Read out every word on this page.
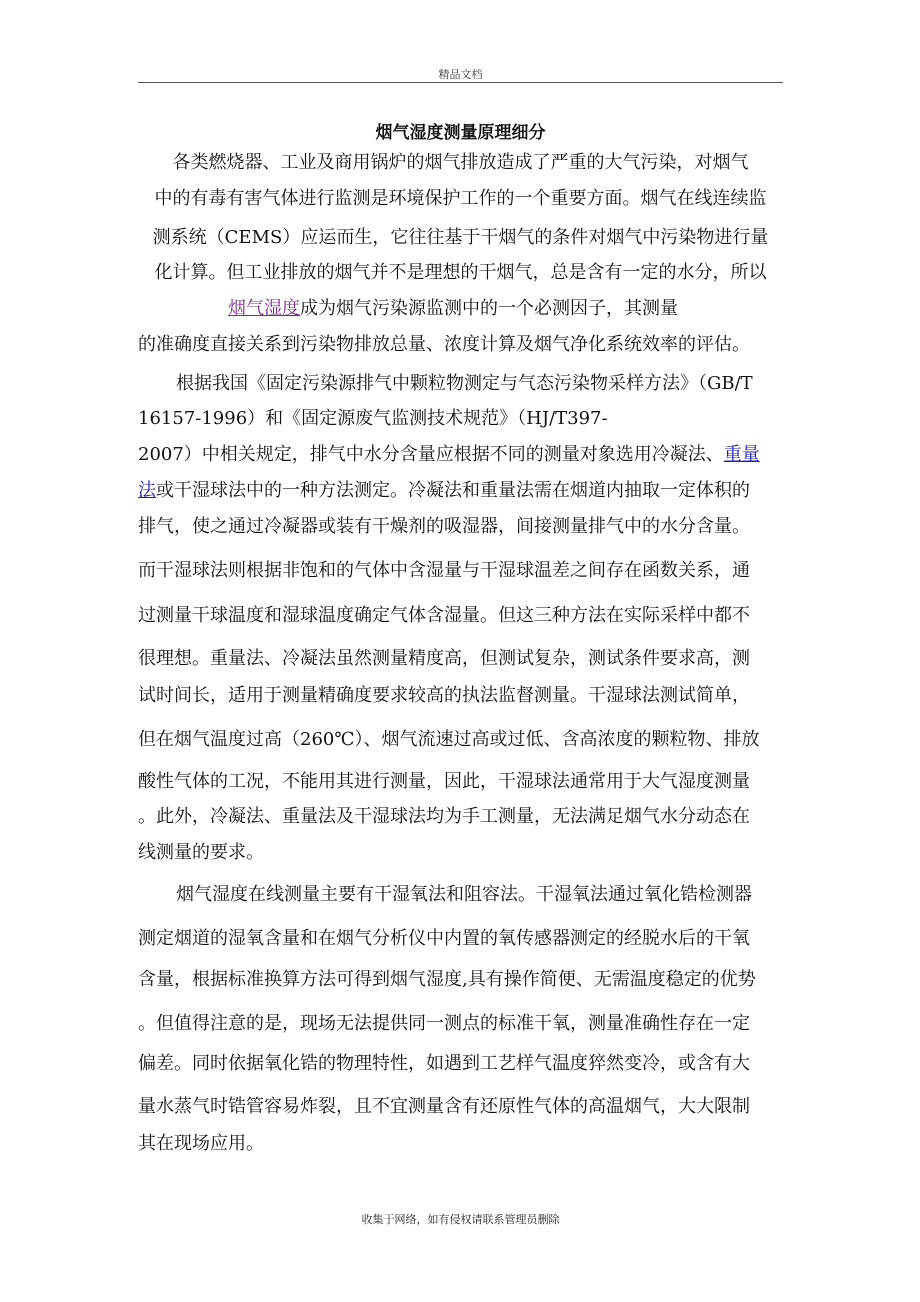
精品文档
烟气湿度测量原理细分
各类燃烧器、工业及商用锅炉的烟气排放造成了严重的大气污染，对烟气
中的有毒有害气体进行监测是环境保护工作的一个重要方面。烟气在线连续监
测系统（CEMS）应运而生，它往往基于干烟气的条件对烟气中污染物进行量
化计算。但工业排放的烟气并不是理想的干烟气，总是含有一定的水分，所以
烟气湿度成为烟气污染源监测中的一个必测因子，其测量
的准确度直接关系到污染物排放总量、浓度计算及烟气净化系统效率的评估。
根据我国《固定污染源排气中颗粒物测定与气态污染物采样方法》（GB/T
16157-1996）和《固定源废气监测技术规范》（HJ/T397-
2007）中相关规定，排气中水分含量应根据不同的测量对象选用冷凝法、重量
法或干湿球法中的一种方法测定。冷凝法和重量法需在烟道内抽取一定体积的
排气，使之通过冷凝器或装有干燥剂的吸湿器，间接测量排气中的水分含量。
而干湿球法则根据非饱和的气体中含湿量与干湿球温差之间存在函数关系，通
过测量干球温度和湿球温度确定气体含湿量。但这三种方法在实际采样中都不
很理想。重量法、冷凝法虽然测量精度高，但测试复杂，测试条件要求高，测
试时间长，适用于测量精确度要求较高的执法监督测量。干湿球法测试简单，
但在烟气温度过高（260℃）、烟气流速过高或过低、含高浓度的颗粒物、排放
酸性气体的工况，不能用其进行测量，因此，干湿球法通常用于大气湿度测量
。此外，冷凝法、重量法及干湿球法均为手工测量，无法满足烟气水分动态在
线测量的要求。
烟气湿度在线测量主要有干湿氧法和阻容法。干湿氧法通过氧化锆检测器
测定烟道的湿氧含量和在烟气分析仪中内置的氧传感器测定的经脱水后的干氧
含量，根据标准换算方法可得到烟气湿度,具有操作简便、无需温度稳定的优势
。但值得注意的是，现场无法提供同一测点的标准干氧，测量准确性存在一定
偏差。同时依据氧化锆的物理特性，如遇到工艺样气温度猝然变冷，或含有大
量水蒸气时锆管容易炸裂，且不宜测量含有还原性气体的高温烟气，大大限制
其在现场应用。
收集于网络，如有侵权请联系管理员删除
